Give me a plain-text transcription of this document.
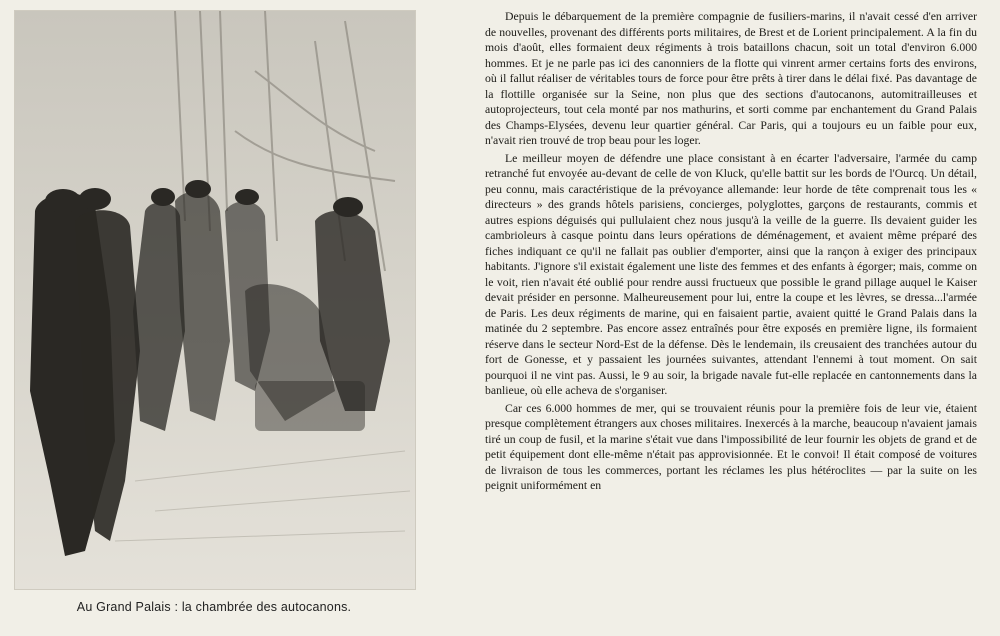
Au Grand Palais : la chambrée des autocanons.

Depuis le débarquement de la première compagnie de fusiliers-marins, il n'avait cessé d'en arriver de nouvelles, provenant des différents ports militaires, de Brest et de Lorient principalement. A la fin du mois d'août, elles formaient deux régiments à trois bataillons chacun, soit un total d'environ 6.000 hommes. Et je ne parle pas ici des canonniers de la flotte qui vinrent armer certains forts des environs, où il fallut réaliser de véritables tours de force pour être prêts à tirer dans le délai fixé. Pas davantage de la flottille organisée sur la Seine, non plus que des sections d'autocanons, automitrailleuses et autoprojecteurs, tout cela monté par nos mathurins, et sorti comme par enchantement du Grand Palais des Champs-Elysées, devenu leur quartier général. Car Paris, qui a toujours eu un faible pour eux, n'avait rien trouvé de trop beau pour les loger.

Le meilleur moyen de défendre une place consistant à en écarter l'adversaire, l'armée du camp retranché fut envoyée au-devant de celle de von Kluck, qu'elle battit sur les bords de l'Ourcq. Un détail, peu connu, mais caractéristique de la prévoyance allemande: leur horde de tête comprenait tous les « directeurs » des grands hôtels parisiens, concierges, polyglottes, garçons de restaurants, commis et autres espions déguisés qui pullulaient chez nous jusqu'à la veille de la guerre. Ils devaient guider les cambrioleurs à casque pointu dans leurs opérations de déménagement, et avaient même préparé des fiches indiquant ce qu'il ne fallait pas oublier d'emporter, ainsi que la rançon à exiger des principaux habitants. J'ignore s'il existait également une liste des femmes et des enfants à égorger; mais, comme on le voit, rien n'avait été oublié pour rendre aussi fructueux que possible le grand pillage auquel le Kaiser devait présider en personne. Malheureusement pour lui, entre la coupe et les lèvres, se dressa...l'armée de Paris. Les deux régiments de marine, qui en faisaient partie, avaient quitté le Grand Palais dans la matinée du 2 septembre. Pas encore assez entraînés pour être exposés en première ligne, ils formaient réserve dans le secteur Nord-Est de la défense. Dès le lendemain, ils creusaient des tranchées autour du fort de Gonesse, et y passaient les journées suivantes, attendant l'ennemi à tout moment. On sait pourquoi il ne vint pas. Aussi, le 9 au soir, la brigade navale fut-elle replacée en cantonnements dans la banlieue, où elle acheva de s'organiser.

Car ces 6.000 hommes de mer, qui se trouvaient réunis pour la première fois de leur vie, étaient presque complètement étrangers aux choses militaires. Inexercés à la marche, beaucoup n'avaient jamais tiré un coup de fusil, et la marine s'était vue dans l'impossibilité de leur fournir les objets de grand et de petit équipement dont elle-même n'était pas approvisionnée. Et le convoi! Il était composé de voitures de livraison de tous les commerces, portant les réclames les plus hétéroclites — par la suite on les peignit uniformément en
